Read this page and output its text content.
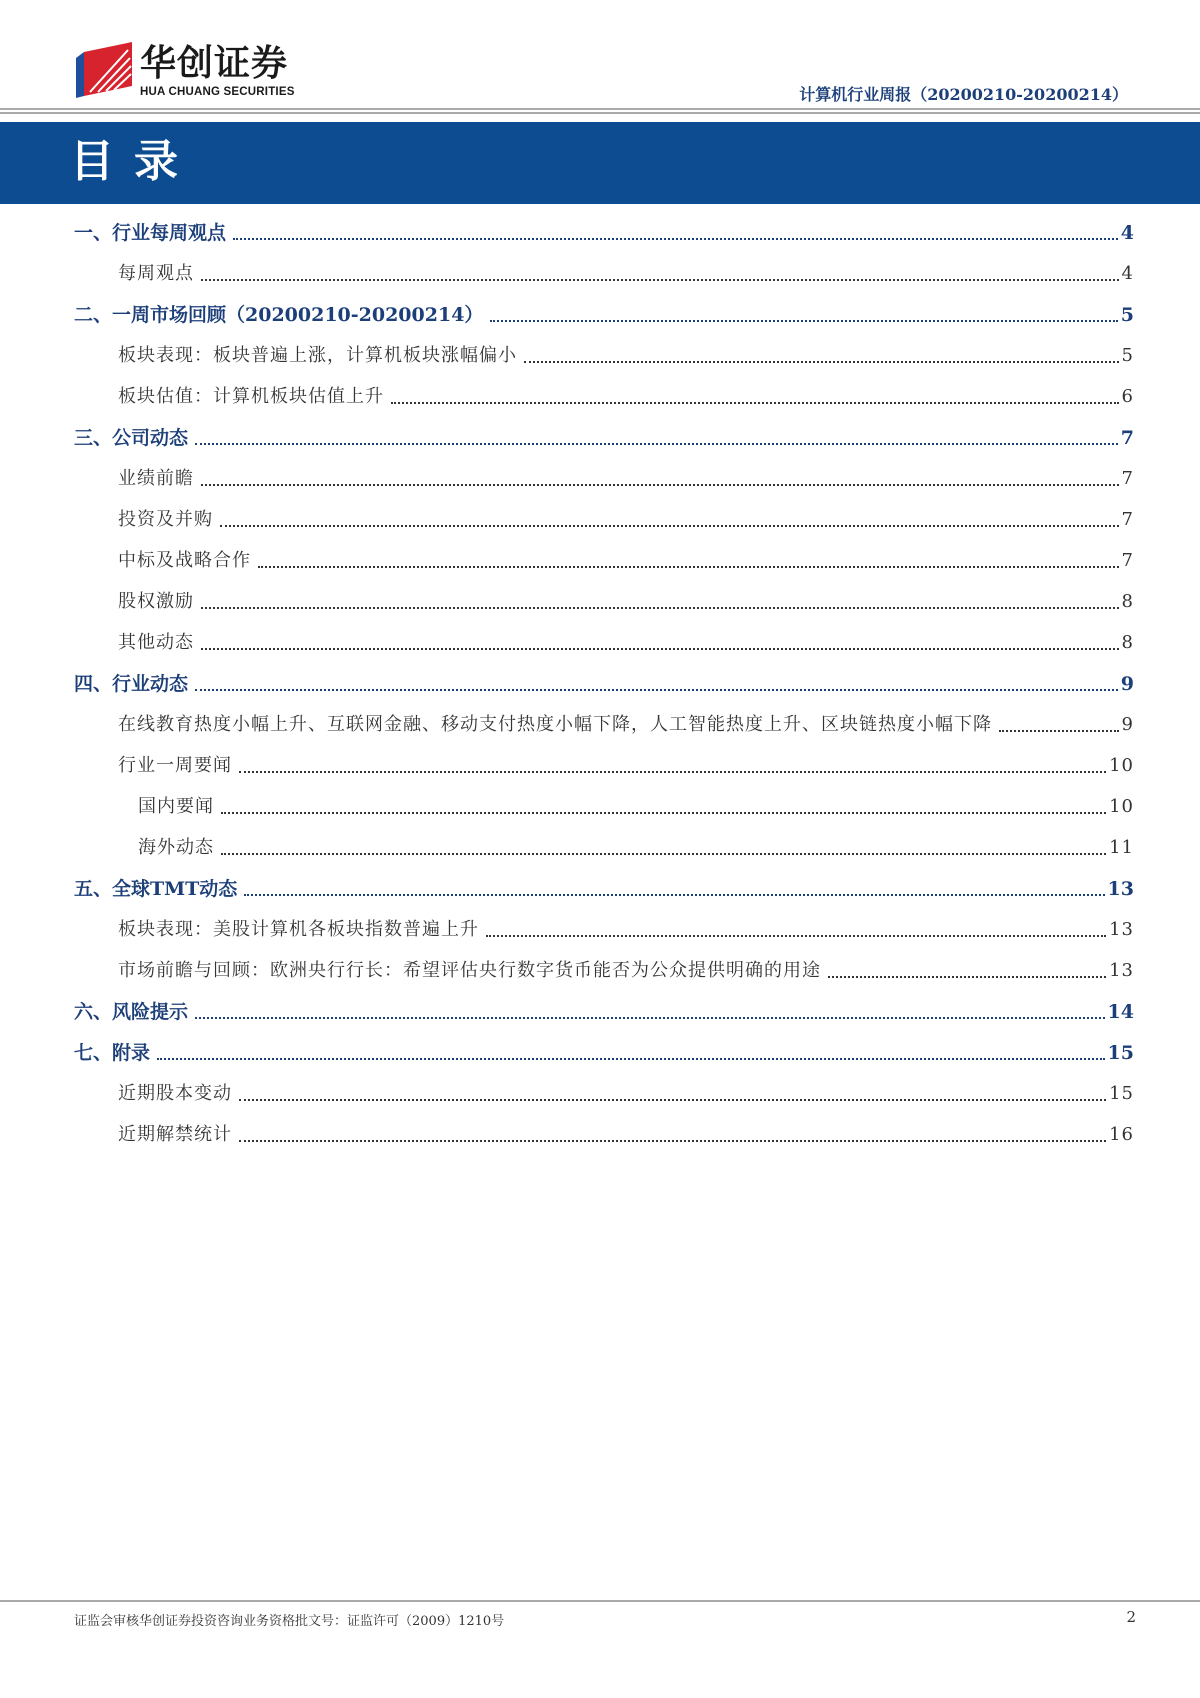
华创证券
HUA CHUANG SECURITIES	计算机行业周报（20200210-20200214）
目录
一、行业每周观点	4
每周观点	4
二、一周市场回顾（20200210-20200214）	5
板块表现：板块普遍上涨，计算机板块涨幅偏小	5
板块估值：计算机板块估值上升	6
三、公司动态	7
业绩前瞻	7
投资及并购	7
中标及战略合作	7
股权激励	8
其他动态	8
四、行业动态	9
在线教育热度小幅上升、互联网金融、移动支付热度小幅下降，人工智能热度上升、区块链热度小幅下降	9
行业一周要闻	10
国内要闻	10
海外动态	11
五、全球TMT动态	13
板块表现：美股计算机各板块指数普遍上升	13
市场前瞻与回顾：欧洲央行行长：希望评估央行数字货币能否为公众提供明确的用途	13
六、风险提示	14
七、附录	15
近期股本变动	15
近期解禁统计	16
证监会审核华创证券投资咨询业务资格批文号：证监许可（2009）1210号	2
